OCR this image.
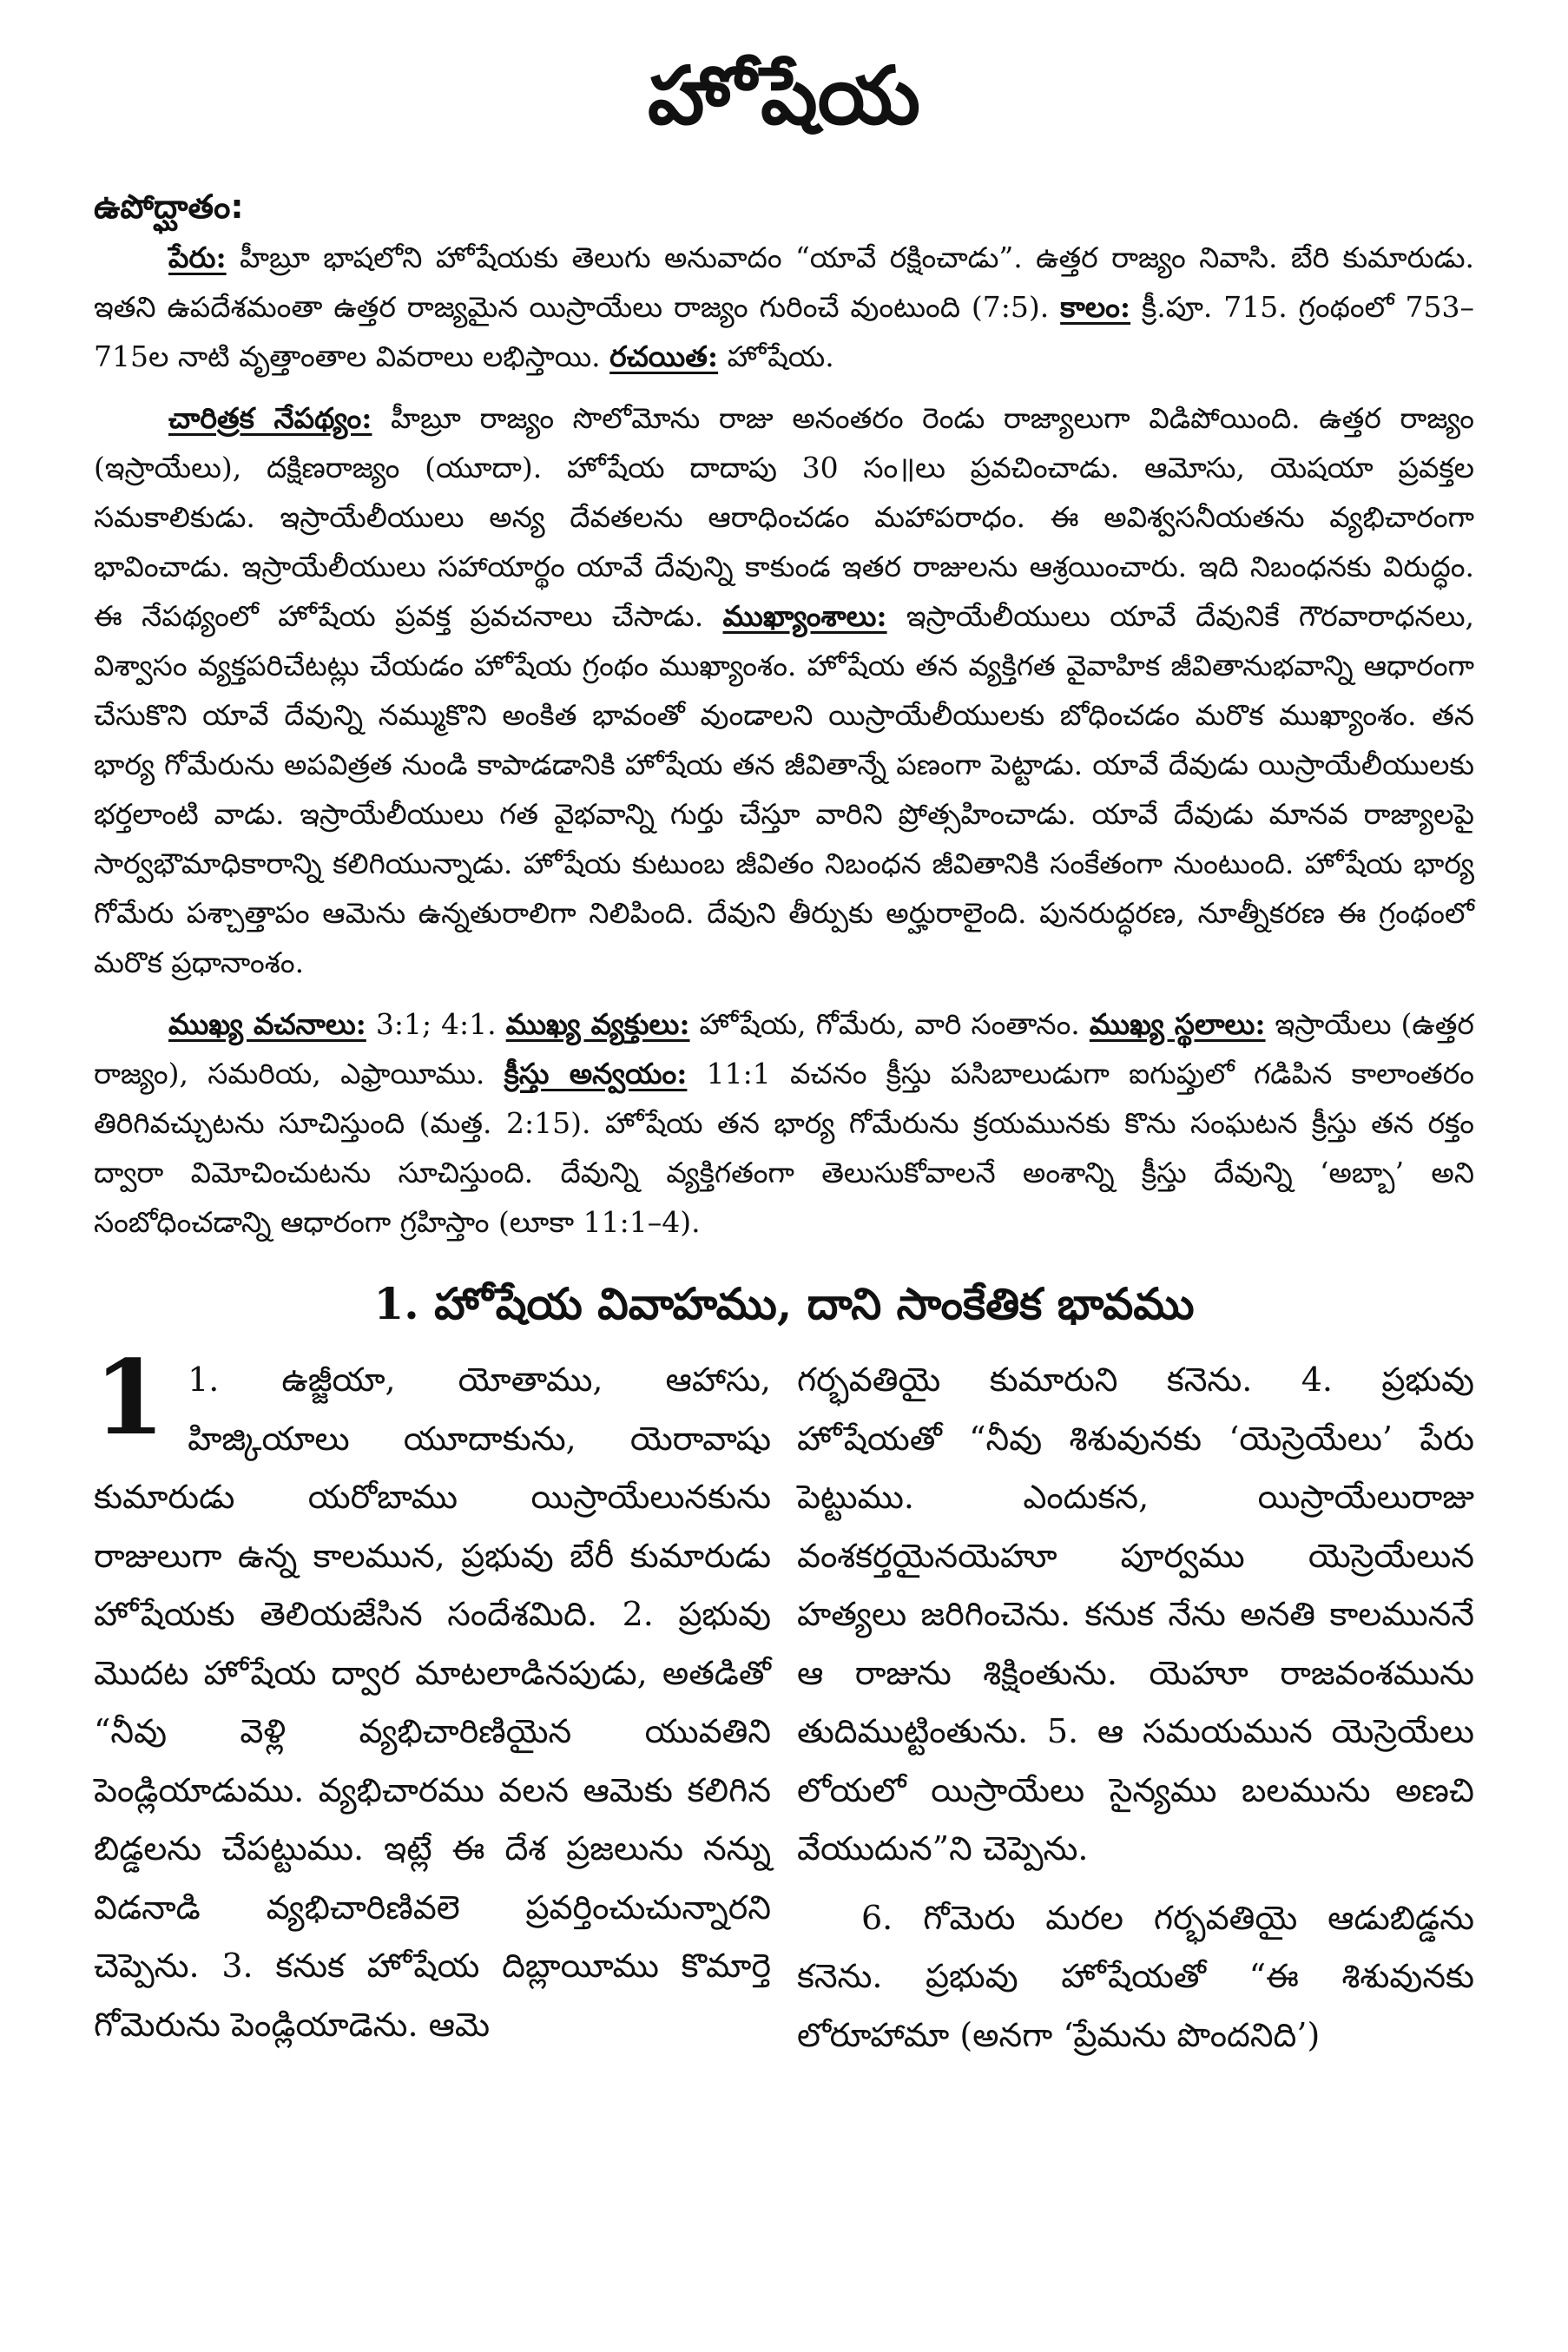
హోషేయ
ఉపోద్ఘాతం:

పేరు: హీబ్రూ భాషలోని హోషేయకు తెలుగు అనువాదం “యావే రక్షించాడు”. ఉత్తర రాజ్యం నివాసి. బేరి కుమారుడు. ఇతని ఉపదేశమంతా ఉత్తర రాజ్యమైన యిస్రాయేలు రాజ్యం గురించే వుంటుంది (7:5). కాలం: క్రీ.పూ. 715. గ్రంథంలో 753–715ల నాటి వృత్తాంతాల వివరాలు లభిస్తాయి. రచయిత: హోషేయ.

చారిత్రక నేపథ్యం: హీబ్రూ రాజ్యం సొలోమోను రాజు అనంతరం రెండు రాజ్యాలుగా విడిపోయింది. ఉత్తర రాజ్యం (ఇస్రాయేలు), దక్షిణరాజ్యం (యూదా). హోషేయ దాదాపు 30 సం॥లు ప్రవచించాడు. ఆమోసు, యెషయా ప్రవక్తల సమకాలికుడు. ఇస్రాయేలీయులు అన్య దేవతలను ఆరాధించడం మహాపరాధం. ఈ అవిశ్వసనీయతను వ్యభిచారంగా భావించాడు. ఇస్రాయేలీయులు సహాయార్థం యావే దేవున్ని కాకుండ ఇతర రాజులను ఆశ్రయించారు. ఇది నిబంధనకు విరుద్ధం. ఈ నేపథ్యంలో హోషేయ ప్రవక్త ప్రవచనాలు చేసాడు. ముఖ్యాంశాలు: ఇస్రాయేలీయులు యావే దేవునికే గౌరవారాధనలు, విశ్వాసం వ్యక్తపరిచేటట్లు చేయడం హోషేయ గ్రంథం ముఖ్యాంశం. హోషేయ తన వ్యక్తిగత వైవాహిక జీవితానుభవాన్ని ఆధారంగా చేసుకొని యావే దేవున్ని నమ్ముకొని అంకిత భావంతో వుండాలని యిస్రాయేలీయులకు బోధించడం మరొక ముఖ్యాంశం. తన భార్య గోమేరును అపవిత్రత నుండి కాపాడడానికి హోషేయ తన జీవితాన్నే పణంగా పెట్టాడు. యావే దేవుడు యిస్రాయేలీయులకు భర్తలాంటి వాడు. ఇస్రాయేలీయులు గత వైభవాన్ని గుర్తు చేస్తూ వారిని ప్రోత్సహించాడు. యావే దేవుడు మానవ రాజ్యాలపై సార్వభౌమాధికారాన్ని కలిగియున్నాడు. హోషేయ కుటుంబ జీవితం నిబంధన జీవితానికి సంకేతంగా నుంటుంది. హోషేయ భార్య గోమేరు పశ్చాత్తాపం ఆమెను ఉన్నతురాలిగా నిలిపింది. దేవుని తీర్పుకు అర్హురాలైంది. పునరుద్ధరణ, నూత్నీకరణ ఈ గ్రంథంలో మరొక ప్రధానాంశం.

ముఖ్య వచనాలు: 3:1; 4:1. ముఖ్య వ్యక్తులు: హోషేయ, గోమేరు, వారి సంతానం. ముఖ్య స్థలాలు: ఇస్రాయేలు (ఉత్తర రాజ్యం), సమరియ, ఎఫ్రాయీము. క్రీస్తు అన్వయం: 11:1 వచనం క్రీస్తు పసిబాలుడుగా ఐగుప్తులో గడిపిన కాలాంతరం తిరిగివచ్చుటను సూచిస్తుంది (మత్త. 2:15). హోషేయ తన భార్య గోమేరును క్రయమునకు కొను సంఘటన క్రీస్తు తన రక్తం ద్వారా విమోచించుటను సూచిస్తుంది. దేవున్ని వ్యక్తిగతంగా తెలుసుకోవాలనే అంశాన్ని క్రీస్తు దేవున్ని ‘అబ్బా’ అని సంబోధించడాన్ని ఆధారంగా గ్రహిస్తాం (లూకా 11:1–4).

1. హోషేయ వివాహము, దాని సాంకేతిక భావము

1 1. ఉజ్జీయా, యోతాము, ఆహాసు, హిజ్కియాలు యూదాకును, యెరావాషు కుమారుడు యరోబాము యిస్రాయేలునకును రాజులుగా ఉన్న కాలమున, ప్రభువు బేరీ కుమారుడు హోషేయకు తెలియజేసిన సందేశమిది. 2. ప్రభువు మొదట హోషేయ ద్వార మాటలాడినపుడు, అతడితో “నీవు వెళ్లి వ్యభిచారిణియైన యువతిని పెండ్లియాడుము. వ్యభిచారము వలన ఆమెకు కలిగిన బిడ్డలను చేపట్టుము. ఇట్లే ఈ దేశ ప్రజలును నన్ను విడనాడి వ్యభిచారిణివలె ప్రవర్తించుచున్నారని చెప్పెను. 3. కనుక హోషేయ దిబ్లాయీము కొమార్తె గోమెరును పెండ్లియాడెను. ఆమె

గర్భవతియై కుమారుని కనెను. 4. ప్రభువు హోషేయతో “నీవు శిశువునకు ‘యెస్రెయేలు’ పేరు పెట్టుము. ఎందుకన, యిస్రాయేలురాజు వంశకర్తయైనయెహూ పూర్వము యెస్రెయేలున హత్యలు జరిగించెను. కనుక నేను అనతి కాలముననే ఆ రాజును శిక్షింతును. యెహూ రాజవంశమును తుదిముట్టింతును. 5. ఆ సమయమున యెస్రెయేలు లోయలో యిస్రాయేలు సైన్యము బలమును అణచి వేయుదున”ని చెప్పెను.

6. గోమెరు మరల గర్భవతియై ఆడుబిడ్డను కనెను. ప్రభువు హోషేయతో “ఈ శిశువునకు లోరూహామా (అనగా ‘ప్రేమను పొందనిది’)
